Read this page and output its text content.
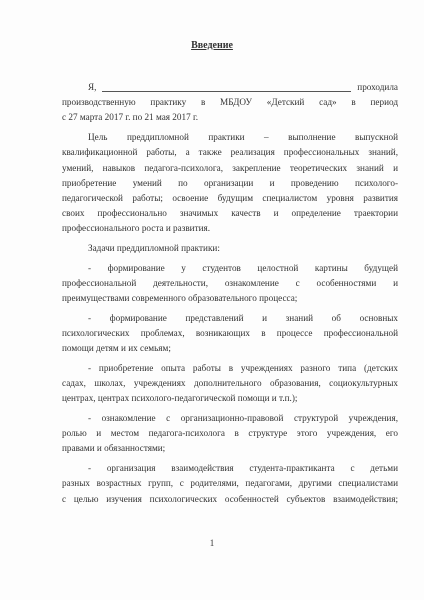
Введение
Я,	проходила
производственную практику в МБДОУ «Детский сад» в период
с 27 марта 2017 г. по 21 мая 2017 г.
Цель преддипломной практики – выполнение выпускной
квалификационной работы, а также реализация профессиональных знаний,
умений, навыков педагога-психолога, закрепление теоретических знаний и
приобретение умений по организации и проведению психолого-
педагогической работы; освоение будущим специалистом уровня развития
своих профессионально значимых качеств и определение траектории
профессионального роста и развития.
Задачи преддипломной практики:
- формирование у студентов целостной картины будущей
профессиональной деятельности, ознакомление с особенностями и
преимуществами современного образовательного процесса;
- формирование представлений и знаний об основных
психологических проблемах, возникающих в процессе профессиональной
помощи детям и их семьям;
- приобретение опыта работы в учреждениях разного типа (детских
садах, школах, учреждениях дополнительного образования, социокультурных
центрах, центрах психолого-педагогической помощи и т.п.);
- ознакомление с организационно-правовой структурой учреждения,
ролью и местом педагога-психолога в структуре этого учреждения, его
правами и обязанностями;
- организация взаимодействия студента-практиканта с детьми
разных возрастных групп, с родителями, педагогами, другими специалистами
с целью изучения психологических особенностей субъектов взаимодействия;
1
